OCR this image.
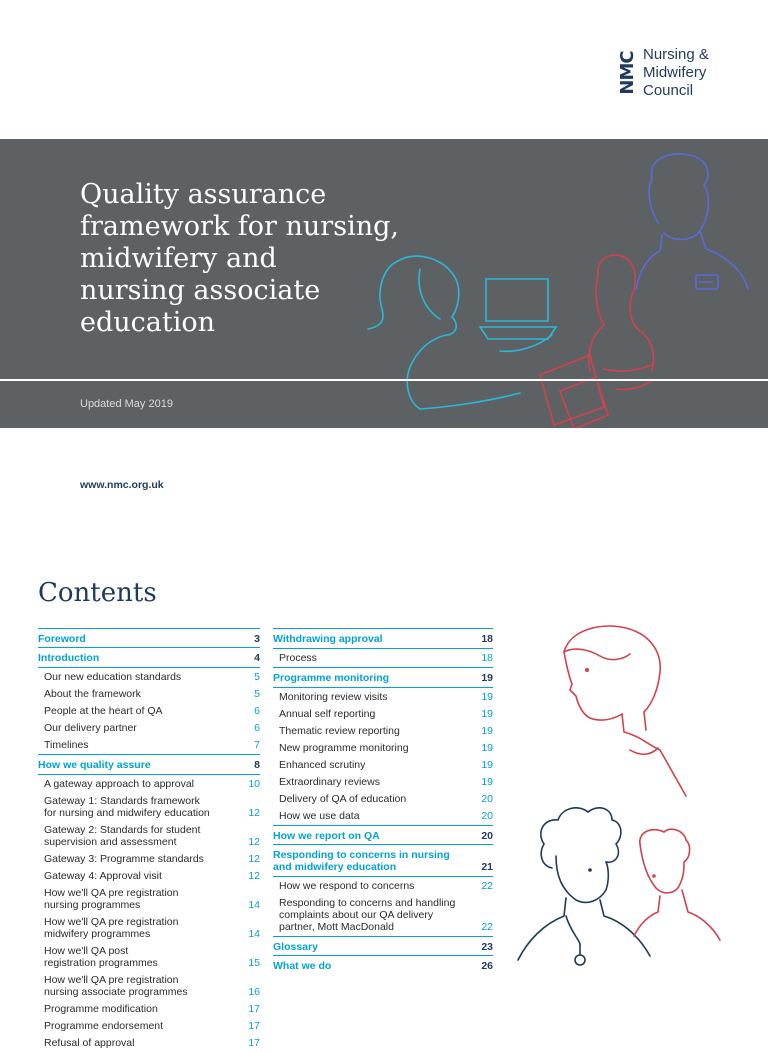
NMC Nursing &
Midwifery
Council
Quality assurance
framework for nursing,
midwifery and
nursing associate
education
Updated May 2019
www.nmc.org.uk
Contents
Foreword	3
Introduction	4
Our new education standards	5
About the framework	5
People at the heart of QA	6
Our delivery partner	6
Timelines	7
How we quality assure	8
A gateway approach to approval	10
Gateway 1: Standards framework
for nursing and midwifery education	12
Gateway 2: Standards for student
supervision and assessment	12
Gateway 3: Programme standards	12
Gateway 4: Approval visit	12
How we'll QA pre registration
nursing programmes	14
How we'll QA pre registration
midwifery programmes	14
How we'll QA post
registration programmes	15
How we'll QA pre registration
nursing associate programmes	16
Programme modification	17
Programme endorsement	17
Refusal of approval	17
Withdrawing approval	18
Process	18
Programme monitoring	19
Monitoring review visits	19
Annual self reporting	19
Thematic review reporting	19
New programme monitoring	19
Enhanced scrutiny	19
Extraordinary reviews	19
Delivery of QA of education	20
How we use data	20
How we report on QA	20
Responding to concerns in nursing
and midwifery education	21
How we respond to concerns	22
Responding to concerns and handling
complaints about our QA delivery
partner, Mott MacDonald	22
Glossary	23
What we do	26
